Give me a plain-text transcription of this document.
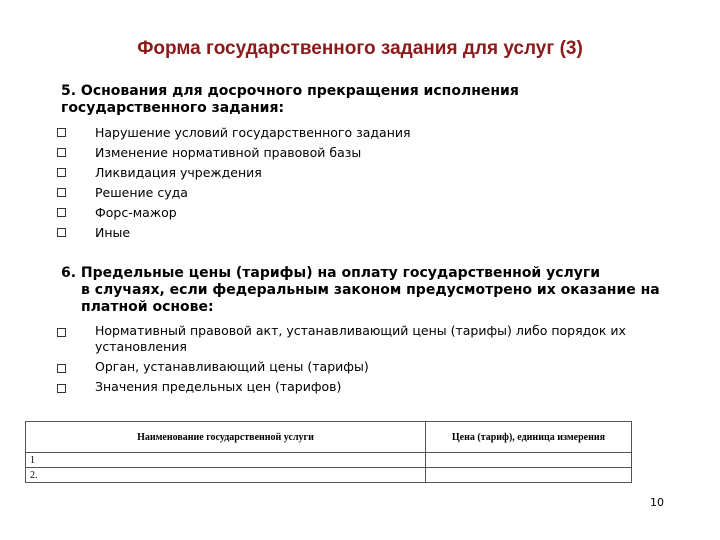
Форма государственного задания для услуг (3)

5. Основания для досрочного прекращения исполнения государственного задания:

Нарушение условий государственного задания
Изменение нормативной правовой базы
Ликвидация учреждения
Решение суда
Форс-мажор
Иные

6. Предельные цены (тарифы) на оплату государственной услуги
в случаях, если федеральным законом предусмотрено их оказание на платной основе:

Нормативный правовой акт, устанавливающий цены (тарифы) либо порядок их установления
Орган, устанавливающий цены (тарифы)
Значения предельных цен (тарифов)
Наименование государственной услуги	Цена (тариф), единица измерения
1	
2.	
10
